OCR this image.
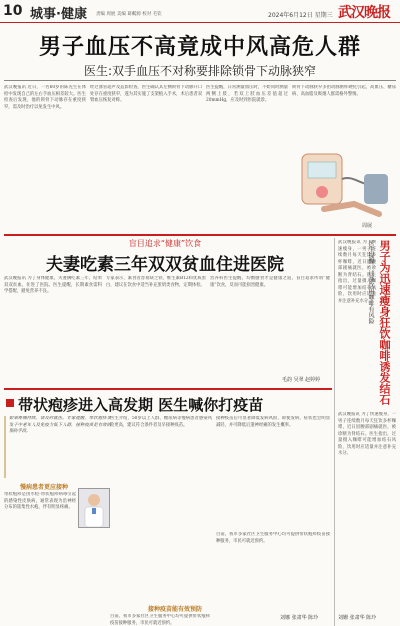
10 城事·健康 责编 周展 美编 葛粼源 校对 毛钦	2024年6月12日 星期三 武汉晚报
男子血压不高竟成中风高危人群
医生:双手血压不对称要排除锁骨下动脉狭窄
武汉晚报讯 近日，一名60岁的陈先生在体检中发现自己的左右手血压相差较大。医生检查后发现，他的锁骨下动脉存在重度狭窄，需及时治疗以免发生中风。
经过血管超声及造影检查，医生确认其左侧锁骨下动脉开口处存在重度狭窄，遂为其实施了支架植入手术，术后患者双臂血压恢复对称。
医生提醒，日常测量血压时，不妨同时测量两侧上肢，若双上肢血压差值超过20mmHg，应及时到医院就诊。
锁骨下动脉狭窄多由动脉粥样硬化引起，高血压、糖尿病、高血脂及吸烟人群需格外警惕。
周展
盲目追求“健康”饮食
夫妻吃素三年双双贫血住进医院
武汉晚报讯 为了身体健康，夫妻俩吃素三年，结果双双贫血，住进了医院。医生提醒，长期素食需科学搭配，避免营养不良。
专家表示，素食者容易缺乏铁、维生素B12和优质蛋白，建议在饮食中适当补充蛋奶类食物，定期体检。
营养科医生提醒，均衡膳食才是健康之道，盲目追求所谓“健康”饮食，反而可能损害健康。
毛韵 吴翠 赵婷婷
武汉晚报讯 为了快速瘦身，一男子连续数月每天狂饮多杯咖啡，近日因腰部剧痛就医，被诊断为肾结石。医生指出，过量摄入咖啡可能增加结石风险，饮用时应适量并注意补充水分。 男子为迅速瘦身狂饮咖啡诱发结石
医生提醒：过量饮用咖啡有风险
武汉晚报讯 为了快速瘦身，一男子连续数月每天狂饮多杯咖啡，近日因腰部剧痛就医，被诊断为肾结石。医生指出，过量摄入咖啡可能增加结石风险，饮用时应适量并注意补充水分。
刘姗 张肃华 陈玲
带状疱疹进入高发期 医生喊你打疫苗
如果疼痛持续，请及时就医。专家提醒，带状疱疹多发于中老年人及免疫力低下人群，接种疫苗是有效的预防手段。
慢病患者更应接种
带状疱疹是由水痘-带状疱疹病毒引起的感染性皮肤病，通常表现为沿神经分布的簇集性水疱，伴有明显疼痛。
医生介绍，50岁以上人群、糖尿病等慢病患者感染风险更高，建议符合条件者及早接种疫苗。
接种疫苗后可显著降低发病风险，即使发病，症状也会明显减轻，并可降低后遗神经痛的发生概率。
接种疫苗能有效预防
目前，我市多家社区卫生服务中心均可提供带状疱疹疫苗接种服务，市民可就近预约。
目前，我市多家社区卫生服务中心均可提供带状疱疹疫苗接种服务，市民可就近预约。
刘娜 张肃华 陈玲
